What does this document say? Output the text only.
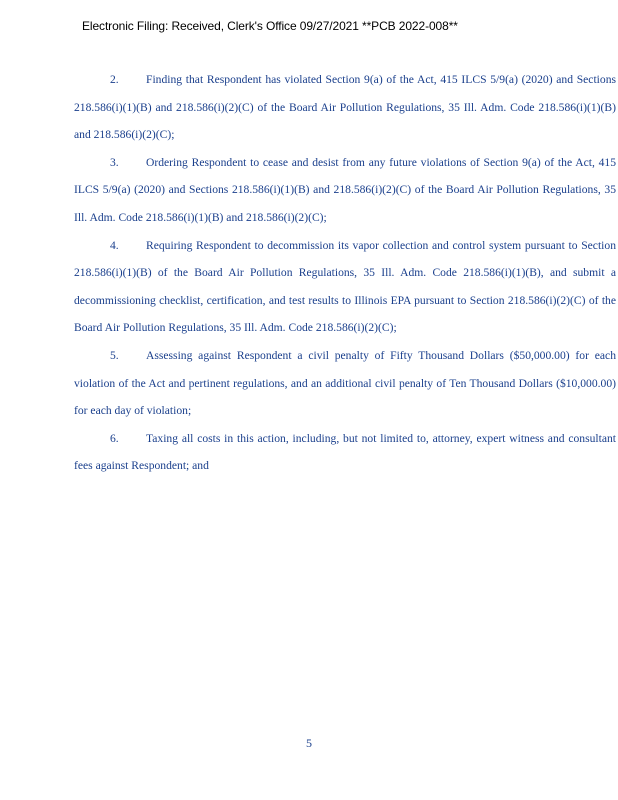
Electronic Filing: Received, Clerk's Office 09/27/2021 **PCB 2022-008**

2. Finding that Respondent has violated Section 9(a) of the Act, 415 ILCS 5/9(a) (2020) and Sections 218.586(i)(1)(B) and 218.586(i)(2)(C) of the Board Air Pollution Regulations, 35 Ill. Adm. Code 218.586(i)(1)(B) and 218.586(i)(2)(C);

3. Ordering Respondent to cease and desist from any future violations of Section 9(a) of the Act, 415 ILCS 5/9(a) (2020) and Sections 218.586(i)(1)(B) and 218.586(i)(2)(C) of the Board Air Pollution Regulations, 35 Ill. Adm. Code 218.586(i)(1)(B) and 218.586(i)(2)(C);

4. Requiring Respondent to decommission its vapor collection and control system pursuant to Section 218.586(i)(1)(B) of the Board Air Pollution Regulations, 35 Ill. Adm. Code 218.586(i)(1)(B), and submit a decommissioning checklist, certification, and test results to Illinois EPA pursuant to Section 218.586(i)(2)(C) of the Board Air Pollution Regulations, 35 Ill. Adm. Code 218.586(i)(2)(C);

5. Assessing against Respondent a civil penalty of Fifty Thousand Dollars ($50,000.00) for each violation of the Act and pertinent regulations, and an additional civil penalty of Ten Thousand Dollars ($10,000.00) for each day of violation;

6. Taxing all costs in this action, including, but not limited to, attorney, expert witness and consultant fees against Respondent; and

5
